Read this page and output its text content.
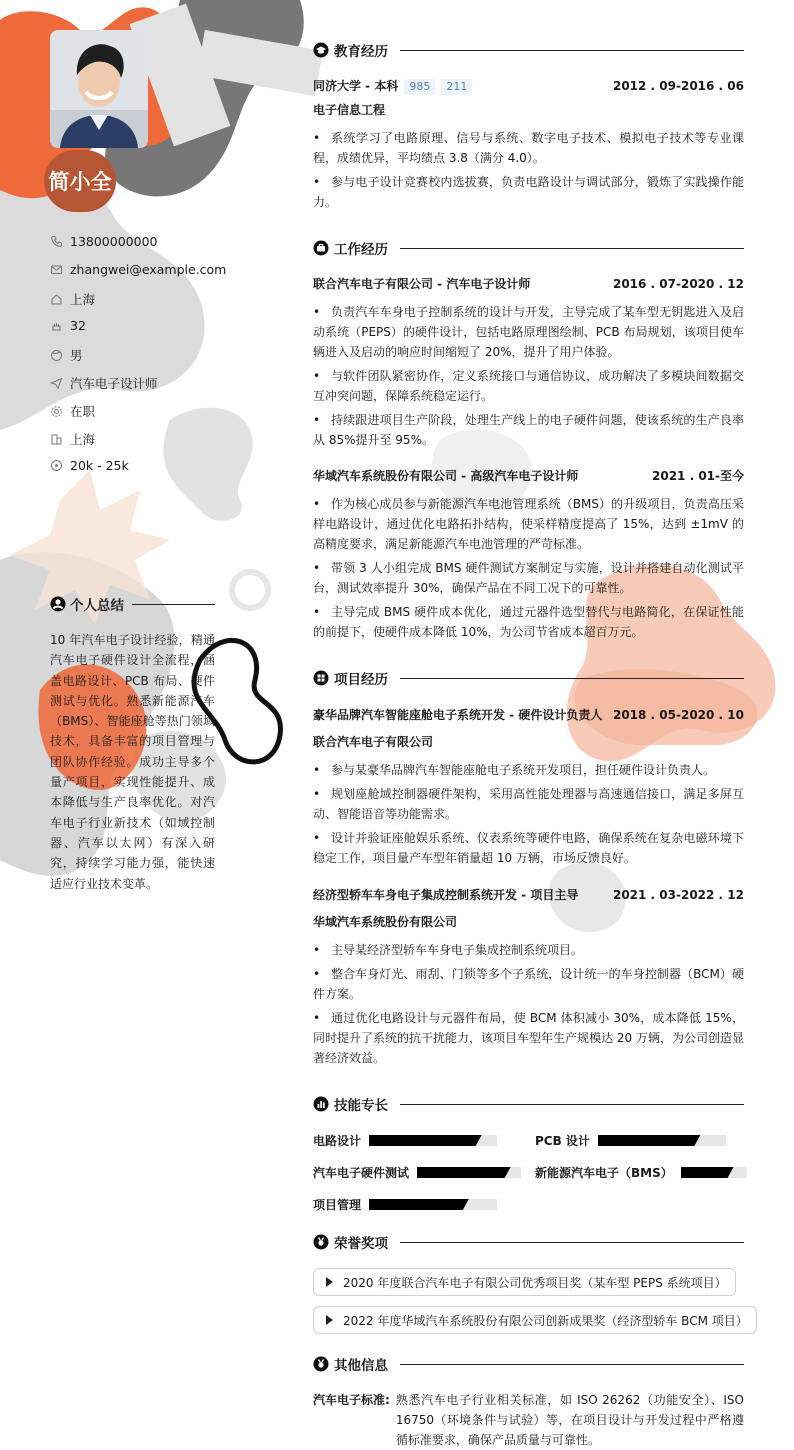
简小全
13800000000
zhangwei@example.com
上海
32
男
汽车电子设计师
在职
上海
20k - 25k
个人总结
10 年汽车电子设计经验，精通汽车电子硬件设计全流程，涵盖电路设计、PCB 布局、硬件测试与优化。熟悉新能源汽车（BMS）、智能座舱等热门领域技术，具备丰富的项目管理与团队协作经验。成功主导多个量产项目，实现性能提升、成本降低与生产良率优化。对汽车电子行业新技术（如域控制器、汽车以太网）有深入研究，持续学习能力强，能快速适应行业技术变革。
教育经历
同济大学 - 本科 985 211	2012 . 09-2016 . 06
电子信息工程
• 系统学习了电路原理、信号与系统、数字电子技术、模拟电子技术等专业课程，成绩优异，平均绩点 3.8（满分 4.0）。
• 参与电子设计竞赛校内选拔赛，负责电路设计与调试部分，锻炼了实践操作能力。
工作经历
联合汽车电子有限公司 - 汽车电子设计师	2016 . 07-2020 . 12
• 负责汽车车身电子控制系统的设计与开发，主导完成了某车型无钥匙进入及启动系统（PEPS）的硬件设计，包括电路原理图绘制、PCB 布局规划，该项目使车辆进入及启动的响应时间缩短了 20%，提升了用户体验。
• 与软件团队紧密协作，定义系统接口与通信协议，成功解决了多模块间数据交互冲突问题，保障系统稳定运行。
• 持续跟进项目生产阶段，处理生产线上的电子硬件问题，使该系统的生产良率从 85%提升至 95%。
华域汽车系统股份有限公司 - 高级汽车电子设计师	2021 . 01-至今
• 作为核心成员参与新能源汽车电池管理系统（BMS）的升级项目，负责高压采样电路设计，通过优化电路拓扑结构，使采样精度提高了 15%，达到 ±1mV 的高精度要求，满足新能源汽车电池管理的严苛标准。
• 带领 3 人小组完成 BMS 硬件测试方案制定与实施，设计并搭建自动化测试平台，测试效率提升 30%，确保产品在不同工况下的可靠性。
• 主导完成 BMS 硬件成本优化，通过元器件选型替代与电路简化，在保证性能的前提下，使硬件成本降低 10%，为公司节省成本超百万元。
项目经历
豪华品牌汽车智能座舱电子系统开发 - 硬件设计负责人 2018 . 05-2020 . 10
联合汽车电子有限公司
• 参与某豪华品牌汽车智能座舱电子系统开发项目，担任硬件设计负责人。
• 规划座舱域控制器硬件架构，采用高性能处理器与高速通信接口，满足多屏互动、智能语音等功能需求。
• 设计并验证座舱娱乐系统、仪表系统等硬件电路，确保系统在复杂电磁环境下稳定工作，项目量产车型年销量超 10 万辆，市场反馈良好。
经济型轿车车身电子集成控制系统开发 - 项目主导	2021 . 03-2022 . 12
华域汽车系统股份有限公司
• 主导某经济型轿车车身电子集成控制系统项目。
• 整合车身灯光、雨刮、门锁等多个子系统，设计统一的车身控制器（BCM）硬件方案。
• 通过优化电路设计与元器件布局，使 BCM 体积减小 30%，成本降低 15%，同时提升了系统的抗干扰能力，该项目车型年生产规模达 20 万辆，为公司创造显著经济效益。
技能专长
电路设计	PCB 设计
汽车电子硬件测试	新能源汽车电子（BMS）
项目管理
荣誉奖项
2020 年度联合汽车电子有限公司优秀项目奖（某车型 PEPS 系统项目）
2022 年度华域汽车系统股份有限公司创新成果奖（经济型轿车 BCM 项目）
其他信息
汽车电子标准: 熟悉汽车电子行业相关标准，如 ISO 26262（功能安全）、ISO 16750（环境条件与试验）等，在项目设计与开发过程中严格遵循标准要求，确保产品质量与可靠性。
